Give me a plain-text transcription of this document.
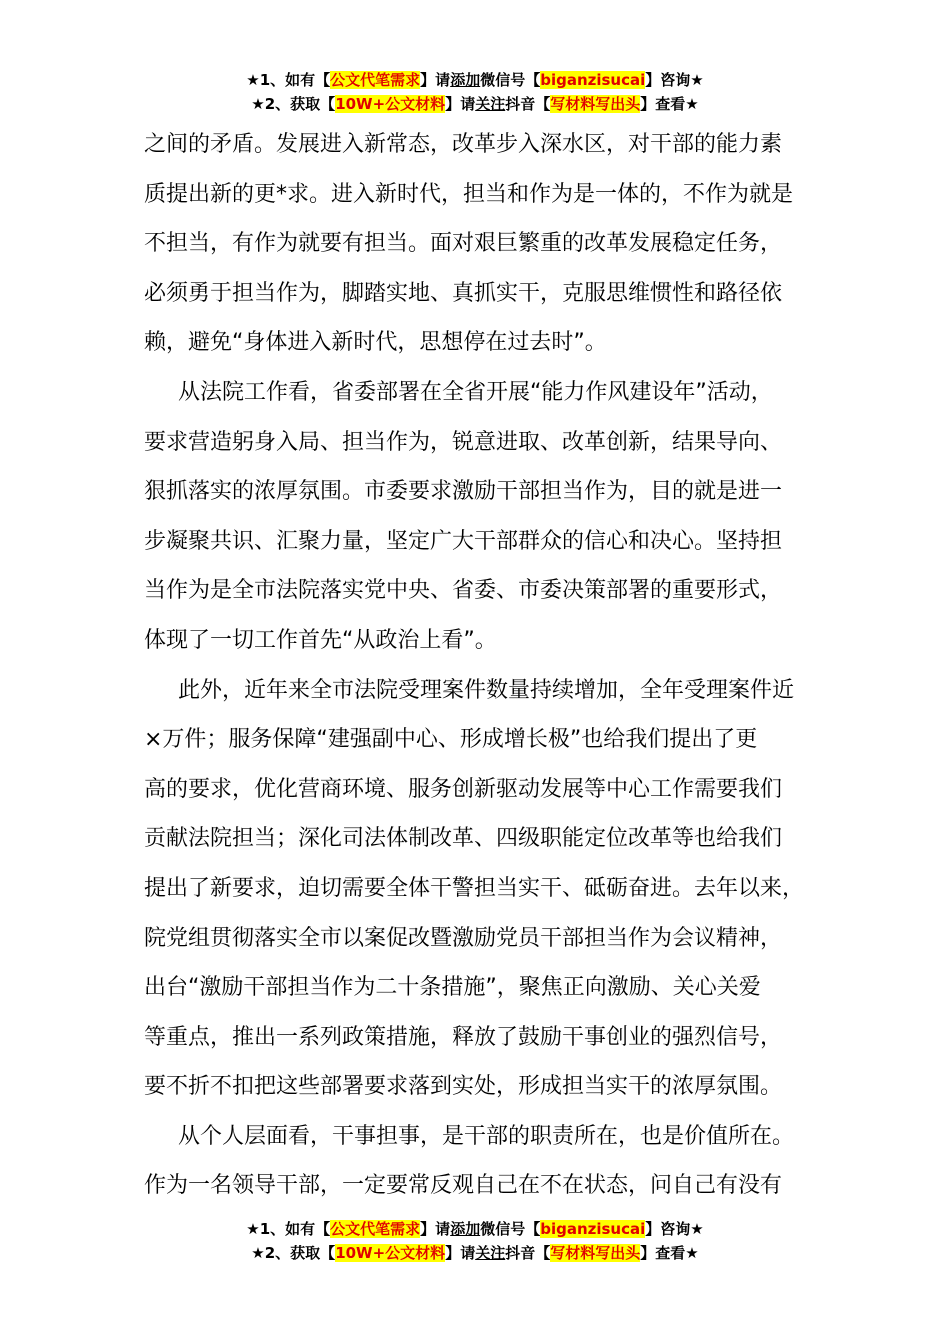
★1、如有【公文代笔需求】请添加微信号【biganzisucai】咨询★
★2、获取【10W+公文材料】请关注抖音【写材料写出头】查看★
之间的矛盾。发展进入新常态，改革步入深水区，对干部的能力素
质提出新的更*求。进入新时代，担当和作为是一体的，不作为就是
不担当，有作为就要有担当。面对艰巨繁重的改革发展稳定任务，
必须勇于担当作为，脚踏实地、真抓实干，克服思维惯性和路径依
赖，避免“身体进入新时代，思想停在过去时”。
从法院工作看，省委部署在全省开展“能力作风建设年”活动，
要求营造躬身入局、担当作为，锐意进取、改革创新，结果导向、
狠抓落实的浓厚氛围。市委要求激励干部担当作为，目的就是进一
步凝聚共识、汇聚力量，坚定广大干部群众的信心和决心。坚持担
当作为是全市法院落实党中央、省委、市委决策部署的重要形式，
体现了一切工作首先“从政治上看”。
此外，近年来全市法院受理案件数量持续增加，全年受理案件近
×万件；服务保障“建强副中心、形成增长极”也给我们提出了更
高的要求，优化营商环境、服务创新驱动发展等中心工作需要我们
贡献法院担当；深化司法体制改革、四级职能定位改革等也给我们
提出了新要求，迫切需要全体干警担当实干、砥砺奋进。去年以来，
院党组贯彻落实全市以案促改暨激励党员干部担当作为会议精神，
出台“激励干部担当作为二十条措施”，聚焦正向激励、关心关爱
等重点，推出一系列政策措施，释放了鼓励干事创业的强烈信号，
要不折不扣把这些部署要求落到实处，形成担当实干的浓厚氛围。
从个人层面看，干事担事，是干部的职责所在，也是价值所在。
作为一名领导干部，一定要常反观自己在不在状态，问自己有没有
★1、如有【公文代笔需求】请添加微信号【biganzisucai】咨询★
★2、获取【10W+公文材料】请关注抖音【写材料写出头】查看★
